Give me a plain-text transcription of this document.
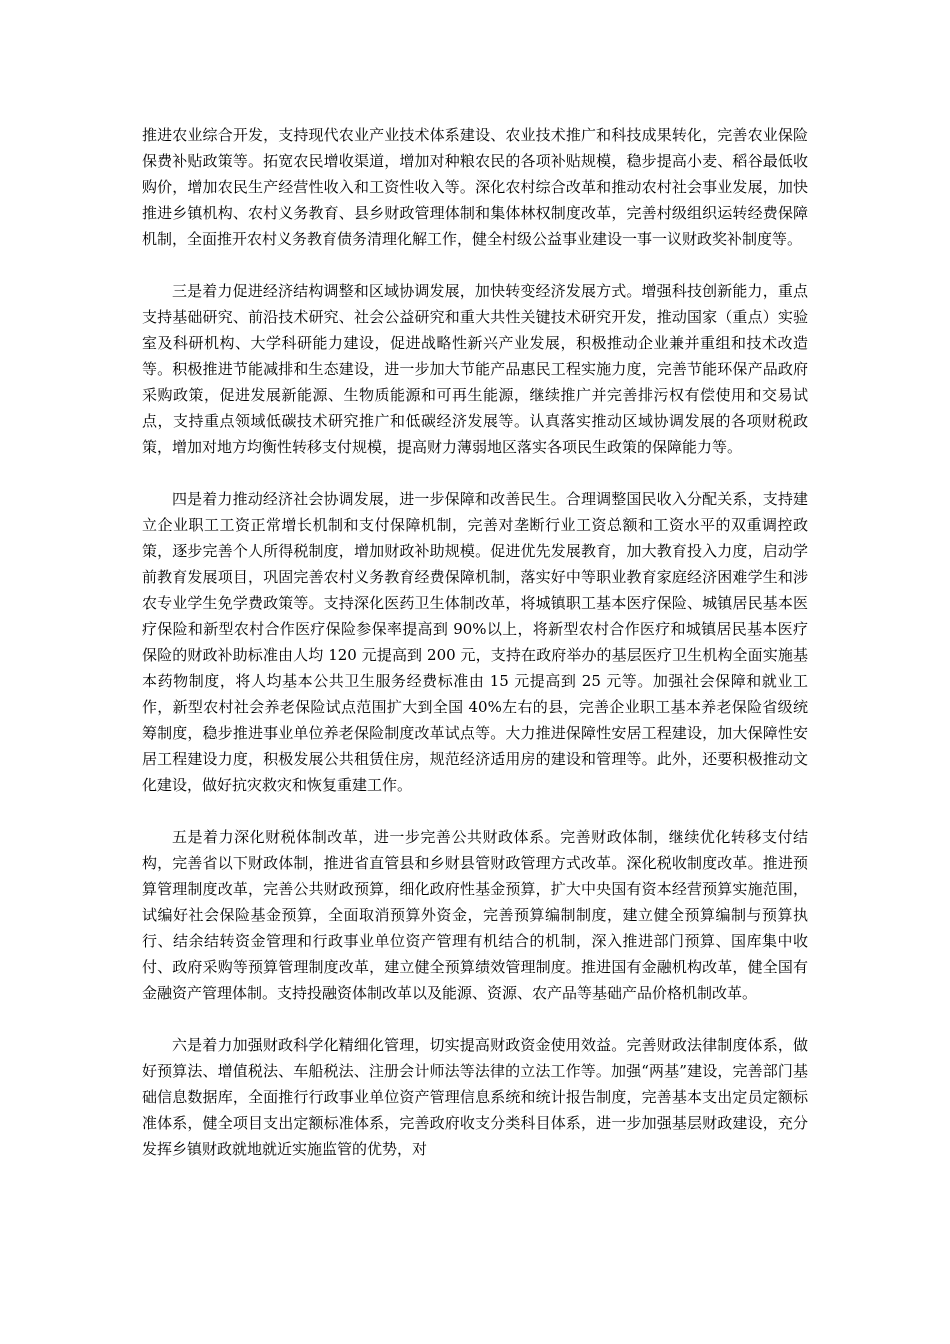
推进农业综合开发，支持现代农业产业技术体系建设、农业技术推广和科技成果转化，完善农业保险保费补贴政策等。拓宽农民增收渠道，增加对种粮农民的各项补贴规模，稳步提高小麦、稻谷最低收购价，增加农民生产经营性收入和工资性收入等。深化农村综合改革和推动农村社会事业发展，加快推进乡镇机构、农村义务教育、县乡财政管理体制和集体林权制度改革，完善村级组织运转经费保障机制，全面推开农村义务教育债务清理化解工作，健全村级公益事业建设一事一议财政奖补制度等。

三是着力促进经济结构调整和区域协调发展，加快转变经济发展方式。增强科技创新能力，重点支持基础研究、前沿技术研究、社会公益研究和重大共性关键技术研究开发，推动国家（重点）实验室及科研机构、大学科研能力建设，促进战略性新兴产业发展，积极推动企业兼并重组和技术改造等。积极推进节能减排和生态建设，进一步加大节能产品惠民工程实施力度，完善节能环保产品政府采购政策，促进发展新能源、生物质能源和可再生能源，继续推广并完善排污权有偿使用和交易试点，支持重点领域低碳技术研究推广和低碳经济发展等。认真落实推动区域协调发展的各项财税政策，增加对地方均衡性转移支付规模，提高财力薄弱地区落实各项民生政策的保障能力等。

四是着力推动经济社会协调发展，进一步保障和改善民生。合理调整国民收入分配关系，支持建立企业职工工资正常增长机制和支付保障机制，完善对垄断行业工资总额和工资水平的双重调控政策，逐步完善个人所得税制度，增加财政补助规模。促进优先发展教育，加大教育投入力度，启动学前教育发展项目，巩固完善农村义务教育经费保障机制，落实好中等职业教育家庭经济困难学生和涉农专业学生免学费政策等。支持深化医药卫生体制改革，将城镇职工基本医疗保险、城镇居民基本医疗保险和新型农村合作医疗保险参保率提高到 90%以上，将新型农村合作医疗和城镇居民基本医疗保险的财政补助标准由人均 120 元提高到 200 元，支持在政府举办的基层医疗卫生机构全面实施基本药物制度，将人均基本公共卫生服务经费标准由 15 元提高到 25 元等。加强社会保障和就业工作，新型农村社会养老保险试点范围扩大到全国 40%左右的县，完善企业职工基本养老保险省级统筹制度，稳步推进事业单位养老保险制度改革试点等。大力推进保障性安居工程建设，加大保障性安居工程建设力度，积极发展公共租赁住房，规范经济适用房的建设和管理等。此外，还要积极推动文化建设，做好抗灾救灾和恢复重建工作。

五是着力深化财税体制改革，进一步完善公共财政体系。完善财政体制，继续优化转移支付结构，完善省以下财政体制，推进省直管县和乡财县管财政管理方式改革。深化税收制度改革。推进预算管理制度改革，完善公共财政预算，细化政府性基金预算，扩大中央国有资本经营预算实施范围，试编好社会保险基金预算，全面取消预算外资金，完善预算编制制度，建立健全预算编制与预算执行、结余结转资金管理和行政事业单位资产管理有机结合的机制，深入推进部门预算、国库集中收付、政府采购等预算管理制度改革，建立健全预算绩效管理制度。推进国有金融机构改革，健全国有金融资产管理体制。支持投融资体制改革以及能源、资源、农产品等基础产品价格机制改革。

六是着力加强财政科学化精细化管理，切实提高财政资金使用效益。完善财政法律制度体系，做好预算法、增值税法、车船税法、注册会计师法等法律的立法工作等。加强“两基”建设，完善部门基础信息数据库，全面推行行政事业单位资产管理信息系统和统计报告制度，完善基本支出定员定额标准体系，健全项目支出定额标准体系，完善政府收支分类科目体系，进一步加强基层财政建设，充分发挥乡镇财政就地就近实施监管的优势，对
